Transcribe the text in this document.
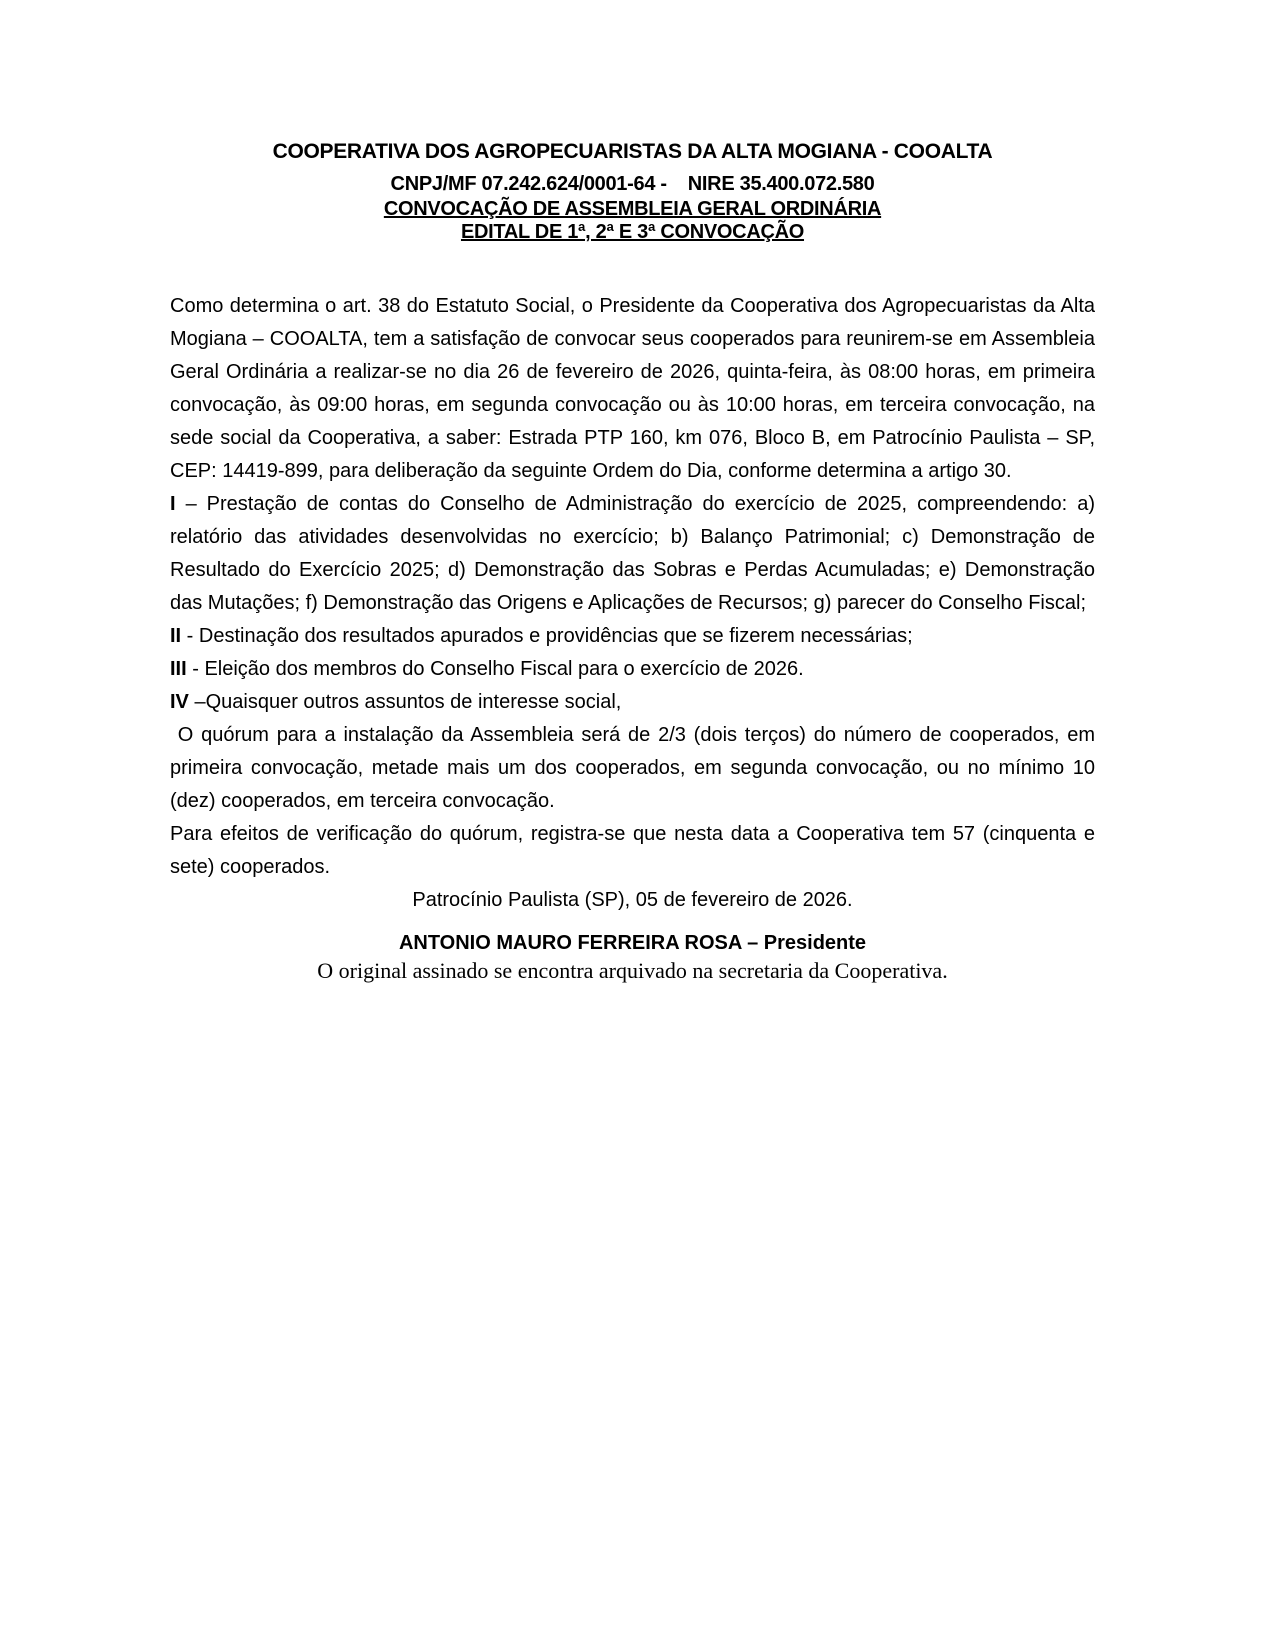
COOPERATIVA DOS AGROPECUARISTAS DA ALTA MOGIANA - COOALTA

CNPJ/MF 07.242.624/0001-64 -    NIRE 35.400.072.580

CONVOCAÇÃO DE ASSEMBLEIA GERAL ORDINÁRIA

EDITAL DE 1ª, 2ª E 3ª CONVOCAÇÃO

Como determina o art. 38 do Estatuto Social, o Presidente da Cooperativa dos Agropecuaristas da Alta Mogiana – COOALTA, tem a satisfação de convocar seus cooperados para reunirem-se em Assembleia Geral Ordinária a realizar-se no dia 26 de fevereiro de 2026, quinta-feira, às 08:00 horas, em primeira convocação, às 09:00 horas, em segunda convocação ou às 10:00 horas, em terceira convocação, na sede social da Cooperativa, a saber: Estrada PTP 160, km 076, Bloco B, em Patrocínio Paulista – SP, CEP: 14419-899, para deliberação da seguinte Ordem do Dia, conforme determina a artigo 30.

I – Prestação de contas do Conselho de Administração do exercício de 2025, compreendendo: a) relatório das atividades desenvolvidas no exercício; b) Balanço Patrimonial; c) Demonstração de Resultado do Exercício 2025; d) Demonstração das Sobras e Perdas Acumuladas; e) Demonstração das Mutações; f) Demonstração das Origens e Aplicações de Recursos; g) parecer do Conselho Fiscal;

II - Destinação dos resultados apurados e providências que se fizerem necessárias;

III - Eleição dos membros do Conselho Fiscal para o exercício de 2026.

IV –Quaisquer outros assuntos de interesse social,

O quórum para a instalação da Assembleia será de 2/3 (dois terços) do número de cooperados, em primeira convocação, metade mais um dos cooperados, em segunda convocação, ou no mínimo 10 (dez) cooperados, em terceira convocação.

Para efeitos de verificação do quórum, registra-se que nesta data a Cooperativa tem 57 (cinquenta e sete) cooperados.

Patrocínio Paulista (SP), 05 de fevereiro de 2026.

ANTONIO MAURO FERREIRA ROSA – Presidente

O original assinado se encontra arquivado na secretaria da Cooperativa.
